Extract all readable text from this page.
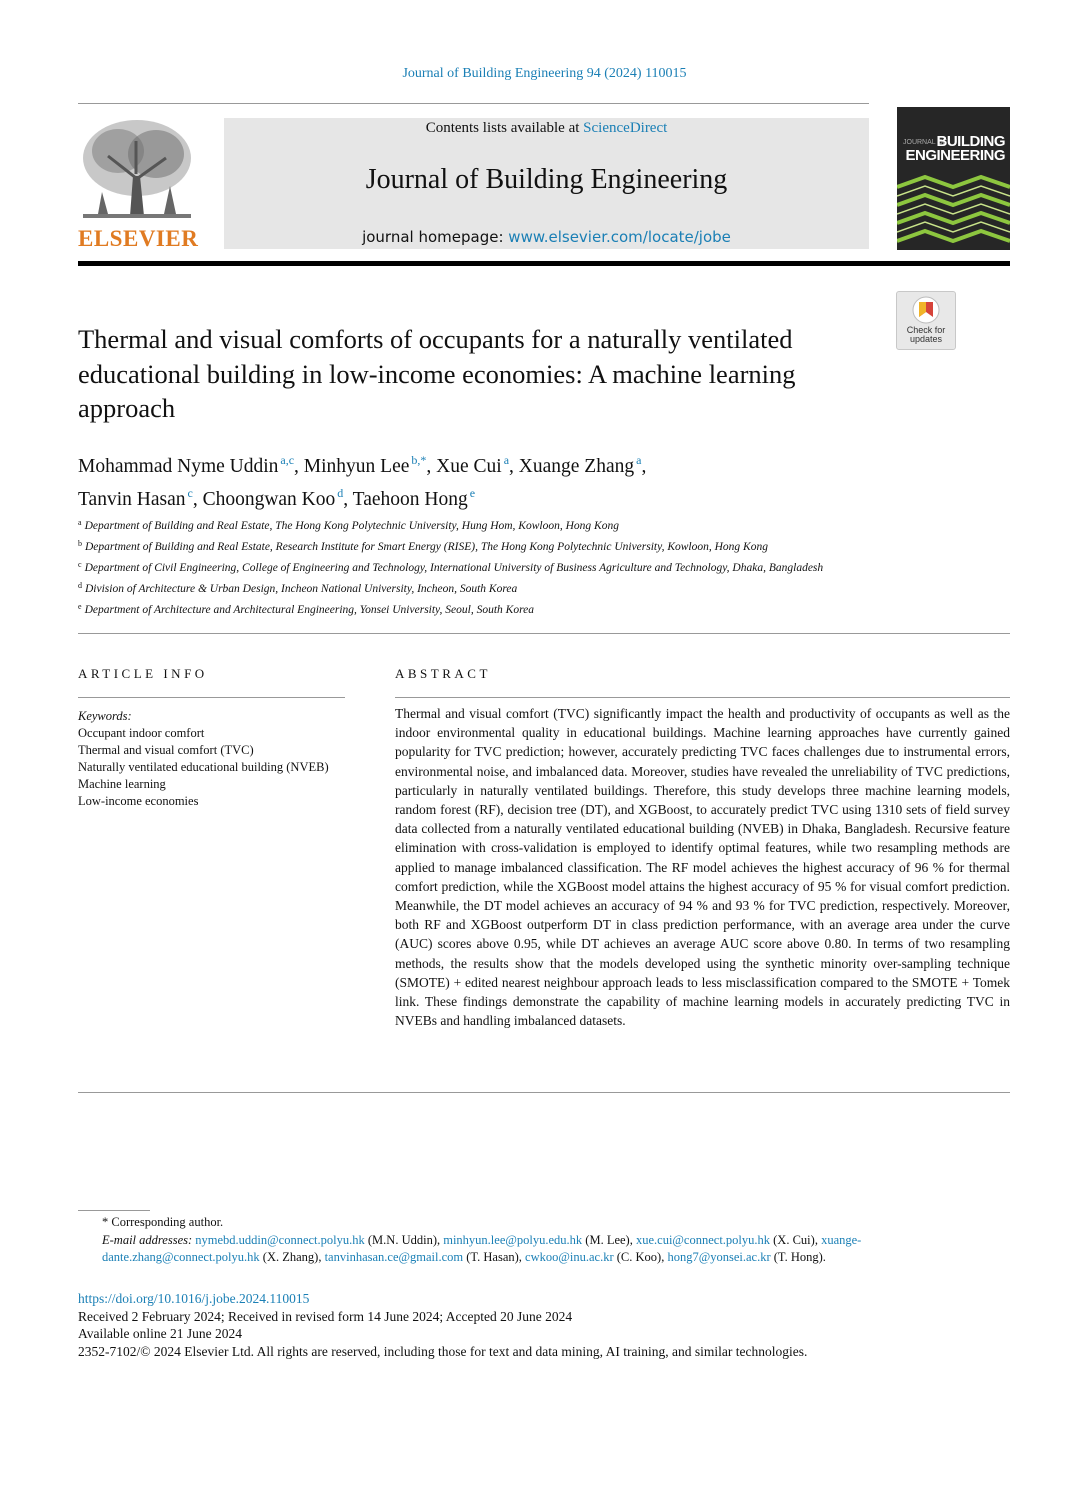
Journal of Building Engineering 94 (2024) 110015
ELSEVIER
Contents lists available at ScienceDirect
Journal of Building Engineering
journal homepage: www.elsevier.com/locate/jobe
JOURNAL OF
BUILDING
ENGINEERING
Check for
updates
Thermal and visual comforts of occupants for a naturally ventilated educational building in low-income economies: A machine learning approach
Mohammad Nyme Uddin $^{a,c}$, Minhyun Lee $^{b,*}$, Xue Cui $^a$, Xuange Zhang $^a$,
Tanvin Hasan $^c$, Choongwan Koo $^d$, Taehoon Hong $^e$
$^a$ Department of Building and Real Estate, The Hong Kong Polytechnic University, Hung Hom, Kowloon, Hong Kong
$^b$ Department of Building and Real Estate, Research Institute for Smart Energy (RISE), The Hong Kong Polytechnic University, Kowloon, Hong Kong
$^c$ Department of Civil Engineering, College of Engineering and Technology, International University of Business Agriculture and Technology, Dhaka, Bangladesh
$^d$ Division of Architecture & Urban Design, Incheon National University, Incheon, South Korea
$^e$ Department of Architecture and Architectural Engineering, Yonsei University, Seoul, South Korea
ARTICLE INFO	ABSTRACT
Keywords:
Occupant indoor comfort
Thermal and visual comfort (TVC)
Naturally ventilated educational building (NVEB)
Machine learning
Low-income economies
Thermal and visual comfort (TVC) significantly impact the health and productivity of occupants as well as the indoor environmental quality in educational buildings. Machine learning approaches have currently gained popularity for TVC prediction; however, accurately predicting TVC faces challenges due to instrumental errors, environmental noise, and imbalanced data. Moreover, studies have revealed the unreliability of TVC predictions, particularly in naturally ventilated buildings. Therefore, this study develops three machine learning models, random forest (RF), decision tree (DT), and XGBoost, to accurately predict TVC using 1310 sets of field survey data collected from a naturally ventilated educational building (NVEB) in Dhaka, Bangladesh. Recursive feature elimination with cross-validation is employed to identify optimal features, while two resampling methods are applied to manage imbalanced classification. The RF model achieves the highest accuracy of 96 % for thermal comfort prediction, while the XGBoost model attains the highest accuracy of 95 % for visual comfort prediction. Meanwhile, the DT model achieves an accuracy of 94 % and 93 % for TVC prediction, respectively. Moreover, both RF and XGBoost outperform DT in class prediction performance, with an average area under the curve (AUC) scores above 0.95, while DT achieves an average AUC score above 0.80. In terms of two resampling methods, the results show that the models developed using the synthetic minority over-sampling technique (SMOTE) + edited nearest neighbour approach leads to less misclassification compared to the SMOTE + Tomek link. These findings demonstrate the capability of machine learning models in accurately predicting TVC in NVEBs and handling imbalanced datasets.
* Corresponding author.
E-mail addresses: nymebd.uddin@connect.polyu.hk (M.N. Uddin), minhyun.lee@polyu.edu.hk (M. Lee), xue.cui@connect.polyu.hk (X. Cui), xuange-dante.zhang@connect.polyu.hk (X. Zhang), tanvinhasan.ce@gmail.com (T. Hasan), cwkoo@inu.ac.kr (C. Koo), hong7@yonsei.ac.kr (T. Hong).
https://doi.org/10.1016/j.jobe.2024.110015
Received 2 February 2024; Received in revised form 14 June 2024; Accepted 20 June 2024
Available online 21 June 2024
2352-7102/© 2024 Elsevier Ltd. All rights are reserved, including those for text and data mining, AI training, and similar technologies.
